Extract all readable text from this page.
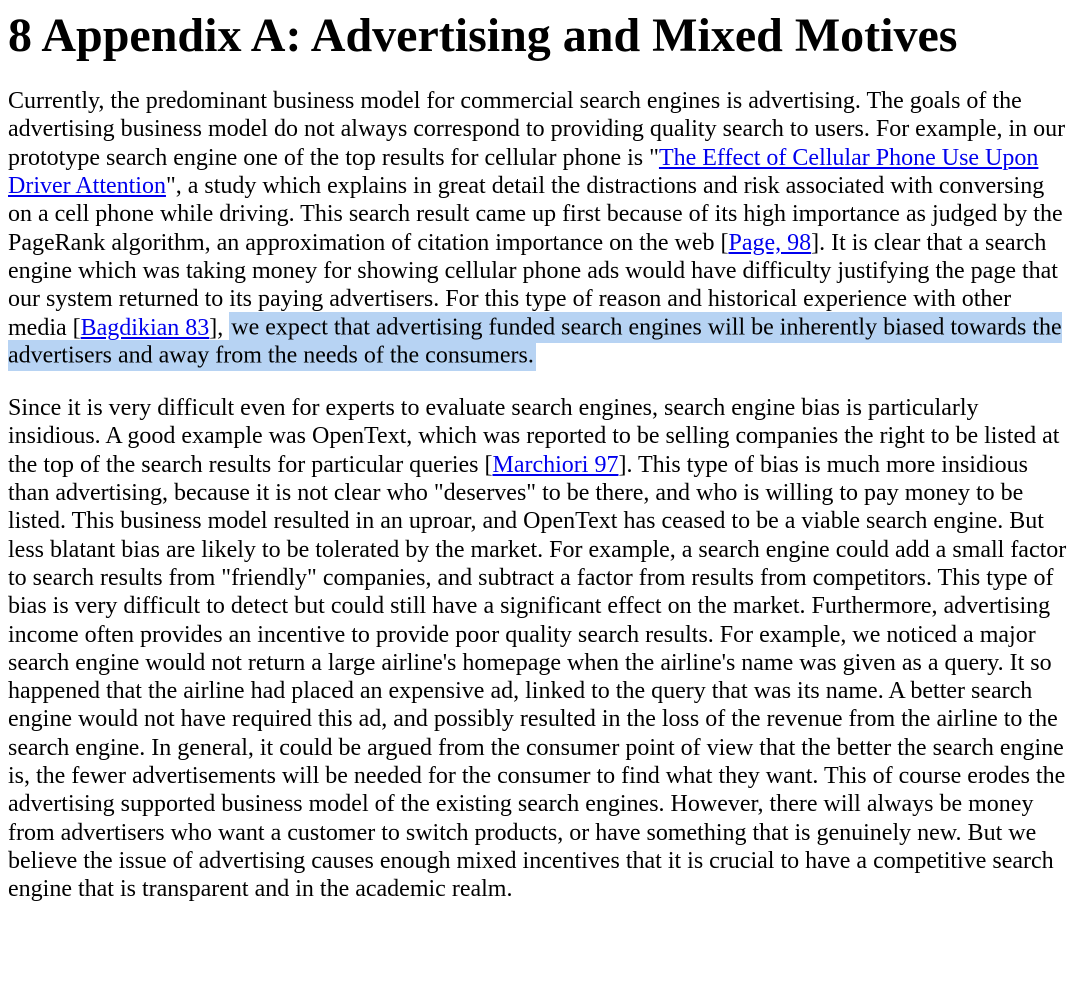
8 Appendix A: Advertising and Mixed Motives

Currently, the predominant business model for commercial search engines is advertising. The goals of the advertising business model do not always correspond to providing quality search to users. For example, in our prototype search engine one of the top results for cellular phone is "The Effect of Cellular Phone Use Upon Driver Attention", a study which explains in great detail the distractions and risk associated with conversing on a cell phone while driving. This search result came up first because of its high importance as judged by the PageRank algorithm, an approximation of citation importance on the web [Page, 98]. It is clear that a search engine which was taking money for showing cellular phone ads would have difficulty justifying the page that our system returned to its paying advertisers. For this type of reason and historical experience with other media [Bagdikian 83], we expect that advertising funded search engines will be inherently biased towards the advertisers and away from the needs of the consumers.

Since it is very difficult even for experts to evaluate search engines, search engine bias is particularly insidious. A good example was OpenText, which was reported to be selling companies the right to be listed at the top of the search results for particular queries [Marchiori 97]. This type of bias is much more insidious than advertising, because it is not clear who "deserves" to be there, and who is willing to pay money to be listed. This business model resulted in an uproar, and OpenText has ceased to be a viable search engine. But less blatant bias are likely to be tolerated by the market. For example, a search engine could add a small factor to search results from "friendly" companies, and subtract a factor from results from competitors. This type of bias is very difficult to detect but could still have a significant effect on the market. Furthermore, advertising income often provides an incentive to provide poor quality search results. For example, we noticed a major search engine would not return a large airline's homepage when the airline's name was given as a query. It so happened that the airline had placed an expensive ad, linked to the query that was its name. A better search engine would not have required this ad, and possibly resulted in the loss of the revenue from the airline to the search engine. In general, it could be argued from the consumer point of view that the better the search engine is, the fewer advertisements will be needed for the consumer to find what they want. This of course erodes the advertising supported business model of the existing search engines. However, there will always be money from advertisers who want a customer to switch products, or have something that is genuinely new. But we believe the issue of advertising causes enough mixed incentives that it is crucial to have a competitive search engine that is transparent and in the academic realm.
